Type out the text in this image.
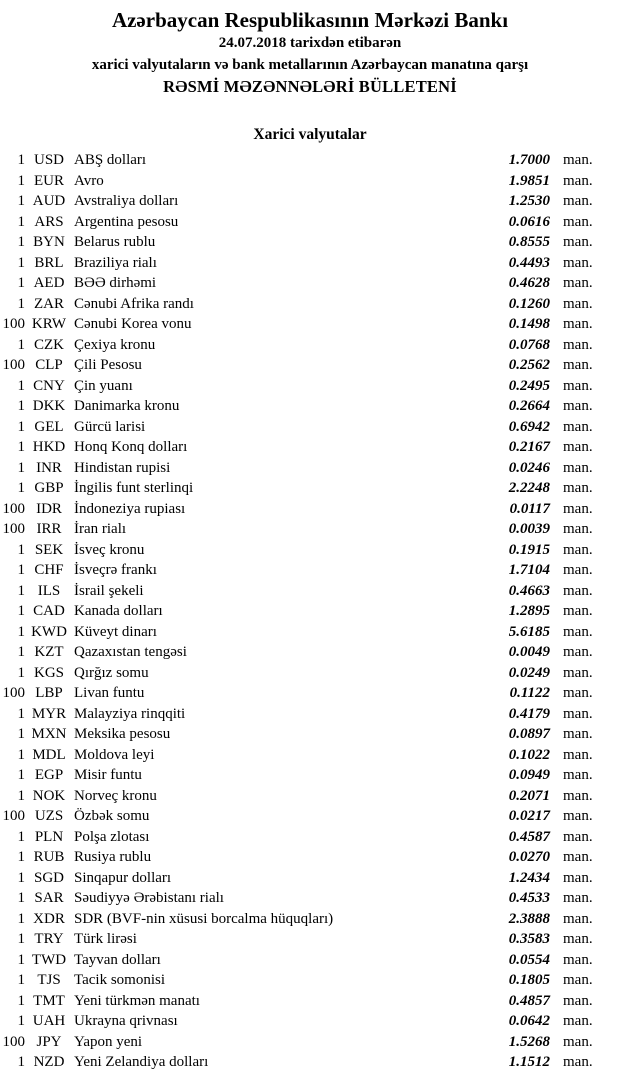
Azərbaycan Respublikasının Mərkəzi Bankı
24.07.2018 tarixdən etibarən
xarici valyutaların və bank metallarının Azərbaycan manatına qarşı
RƏSMİ MƏZƏNNƏLƏRİ BÜLLETENİ
Xarici valyutalar
1 USD ABŞ dolları	1.7000 man.
1 EUR Avro	1.9851 man.
1 AUD Avstraliya dolları	1.2530 man.
1 ARS Argentina pesosu	0.0616 man.
1 BYN Belarus rublu	0.8555 man.
1 BRL Braziliya rialı	0.4493 man.
1 AED BƏƏ dirhəmi	0.4628 man.
1 ZAR Cənubi Afrika randı	0.1260 man.
100 KRW Cənubi Korea vonu	0.1498 man.
1 CZK Çexiya kronu	0.0768 man.
100 CLP Çili Pesosu	0.2562 man.
1 CNY Çin yuanı	0.2495 man.
1 DKK Danimarka kronu	0.2664 man.
1 GEL Gürcü larisi	0.6942 man.
1 HKD Honq Konq dolları	0.2167 man.
1 INR Hindistan rupisi	0.0246 man.
1 GBP İngilis funt sterlinqi	2.2248 man.
100 IDR İndoneziya rupiası	0.0117 man.
100 IRR İran rialı	0.0039 man.
1 SEK İsveç kronu	0.1915 man.
1 CHF İsveçrə frankı	1.7104 man.
1 ILS İsrail şekeli	0.4663 man.
1 CAD Kanada dolları	1.2895 man.
1 KWD Küveyt dinarı	5.6185 man.
1 KZT Qazaxıstan tengəsi	0.0049 man.
1 KGS Qırğız somu	0.0249 man.
100 LBP Livan funtu	0.1122 man.
1 MYR Malayziya rinqqiti	0.4179 man.
1 MXN Meksika pesosu	0.0897 man.
1 MDL Moldova leyi	0.1022 man.
1 EGP Misir funtu	0.0949 man.
1 NOK Norveç kronu	0.2071 man.
100 UZS Özbək somu	0.0217 man.
1 PLN Polşa zlotası	0.4587 man.
1 RUB Rusiya rublu	0.0270 man.
1 SGD Sinqapur dolları	1.2434 man.
1 SAR Səudiyyə Ərəbistanı rialı	0.4533 man.
1 XDR SDR (BVF-nin xüsusi borcalma hüquqları)	2.3888 man.
1 TRY Türk lirəsi	0.3583 man.
1 TWD Tayvan dolları	0.0554 man.
1 TJS Tacik somonisi	0.1805 man.
1 TMT Yeni türkmən manatı	0.4857 man.
1 UAH Ukrayna qrivnası	0.0642 man.
100 JPY Yapon yeni	1.5268 man.
1 NZD Yeni Zelandiya dolları	1.1512 man.
